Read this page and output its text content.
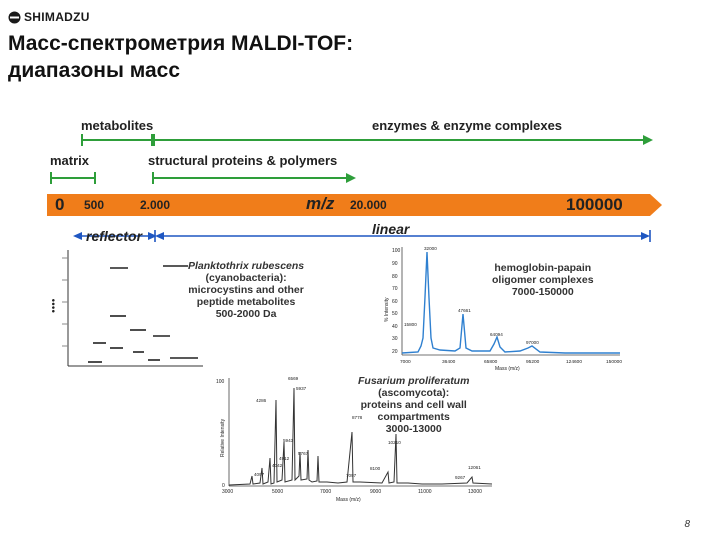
SHIMADZU
Масс-спектрометрия MALDI-TOF:
диапазоны масс
metabolites	enzymes & enzyme complexes
matrix	structural proteins & polymers
0 500	2.000	m/z 20.000	100000
reflector	linear
●●●●
Planktothrix rubescens
(cyanobacteria):
microcystins and other
peptide metabolites
500-2000 Da
100
90
80
70
60
50
40
30
20
% Intensity
32000
47661
15800
64094
97000
7000	36400	65800	95200	124600	150000
Mass (m/z)
hemoglobin-papain
oligomer complexes
7000-150000
Relative Intensity
100
0
6569
5937
4286
8778
5943
5767
4912
4042
4097	7097
8100
10210
12061
9267
3000	5000	7000	9000	11000	13000
Mass (m/z)
Fusarium proliferatum
(ascomycota):
proteins and cell wall
compartments
3000-13000
8
